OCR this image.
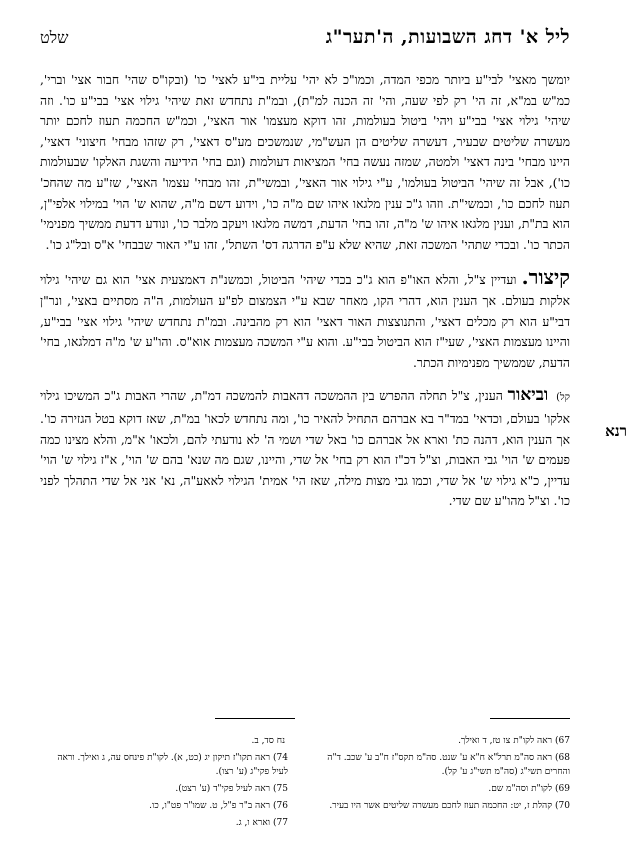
ליל א' דחג השבועות, ה'תער"ג
שלט
רנא

יומשך מאצי' לבי"ע ביותר מכפי המדה, וכמו"כ לא יהי' עליית בי"ע לאצי' כו' (ובקו"ס שהי' חבור אצי' וברי', כמ"ש במ"א, זה הי' רק לפי שעה, והי' זה הכנה למ"ת), ובמ"ת נתחדש זאת שיהי' גילוי אצי' בבי"ע כו'. וזה שיהי' גילוי אצי' בבי"ע ויהי' ביטול בעולמות, זהו דוקא מעצמו' אור האצי', וכמ"ש החכמה תעוז לחכם יותר מעשרה שליטים שבעיר, דעשרה שליטים הן העש"מי, שנמשכים מע"ס דאצי', רק שזהו מבחי' חיצוני' דאצי', היינו מבחי' בינה דאצי' ולמטה, שמזה נעשה בחי' המציאות דעולמות (וגם בחי' הידיעה והשגת האלקו' שבעולמות כו'), אבל זה שיהי' הביטול בעולמו', ע"י גילוי אור האצי', ובמשי"ת, זהו מבחי' עצמו' האצי', שז"ע מה שהחכ' תעוז לחכם כו', וכמשי"ת. וזהו ג"כ ענין מלגאו איהו שם מ"ה כו', וידוע דשם מ"ה, שהוא ש' הוי' במילוי אלפי"ן, הוא בת"ת, וענין מלגאו איהו ש' מ"ה, זהו בחי' הדעת, דמשה מלגאו ויעקב מלבר כו', ונודע דדעת ממשיך מפנימי' הכתר כו'. ובכדי שתהי' המשכה זאת, שהיא שלא ע"פ הדרגה דס' השתל', זהו ע"י האור שבבחי' א"ס ובל"ג כו'.

קיצור. ועדיין צ"ל, והלא האו"פ הוא ג"כ בכדי שיהי' הביטול, וכמשנ"ת דאמצעית אצי' הוא גם שיהי' גילוי אלקות בעולם. אך הענין הוא, דהרי הקו, מאחר שבא ע"י הצמצום לפ"ע העולמות, ה"ה מסתיים באצי', ונר"ן דבי"ע הוא רק מכלים דאצי', והתנוצצות האור דאצי' הוא רק מהבינה. ובמ"ת נתחדש שיהי' גילוי אצי' בבי"ע, והיינו מעצמות האצי', שעי"ז הוא הביטול בבי"ע. והוא ע"י המשכה מעצמות אוא"ס. והו"ע ש' מ"ה דמלגאו, בחי' הדעת, שממשיך מפנימיות הכתר.

קל) וביאור הענין, צ"ל תחלה ההפרש בין ההמשכה דהאבות להמשכה דמ"ת, שהרי האבות ג"כ המשיכו גילוי אלקו' בעולם, וכדאי' במד"ר בא אברהם התחיל להאיר כו', ומה נתחדש לכאו' במ"ת, שאז דוקא בטל הגזירה כו'. אך הענין הוא, דהנה כת' וארא אל אברהם כו' באל שדי ושמי ה' לא נודעתי להם, ולכאו' א"מ, והלא מצינו כמה פעמים ש' הוי' גבי האבות, וצ"ל דכ"ז הוא רק בחי' אל שדי, והיינו, שגם מה שנא' בהם ש' הוי', א"ז גילוי ש' הוי' עדיין, כ"א גילוי ש' אל שדי, וכמו גבי מצות מילה, שאז הי' אמית' הגילוי לאאע"ה, נא' אני אל שדי התהלך לפני כו'. וצ"ל מהו"ע שם שדי.

67)ראה לקו"ת צו טז, ד ואילך.
68)ראה סה"מ תרל"א ח"א ע' שנט. סה"מ תקס"ז ח"ב ע' שכב. ד"ה והחרים תשי"ג (סה"מ תשי"ג ע' קל).
69)לקו"ת וסה"מ שם.
70)קהלת ז, יט: החכמה תעוז לחכם מעשרה שליטים אשר היו בעיר.
נח סד, ב.
74)ראה תקו"ז תיקון יג (כט, א). לקו"ת פינחס עה, ג ואילך. וראה לעיל פקי"ג (ע' רצו).
75)ראה לעיל פקי"ד (ע' רצט).
76)ראה ב"ר פ"ל, ט. שמו"ר פט"ו, כו.
77)וארא ו, ג.
